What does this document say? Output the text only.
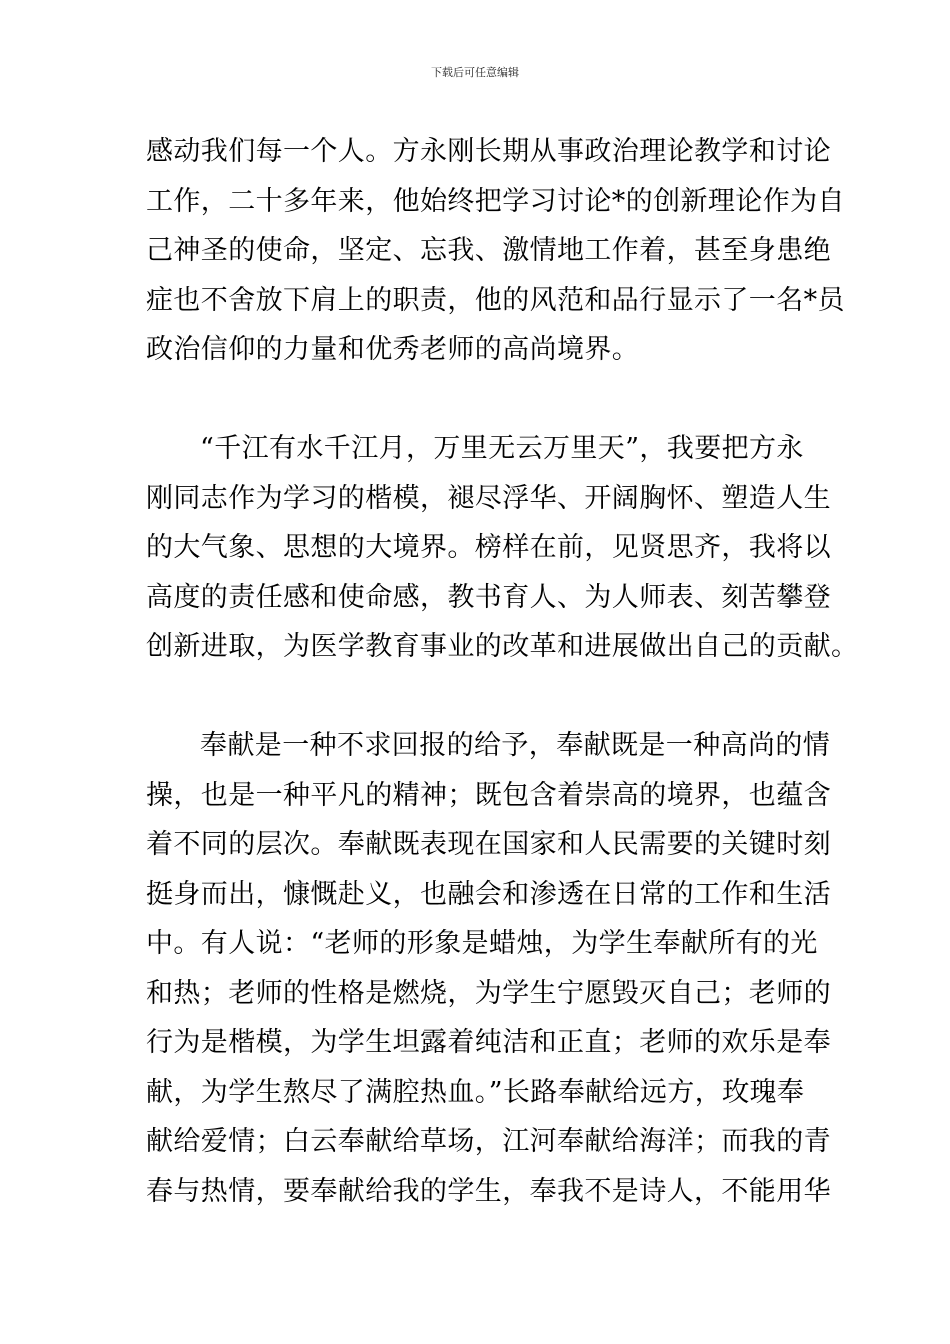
下载后可任意编辑

感动我们每一个人。方永刚长期从事政治理论教学和讨论
工作，二十多年来，他始终把学习讨论*的创新理论作为自
己神圣的使命，坚定、忘我、激情地工作着，甚至身患绝
症也不舍放下肩上的职责，他的风范和品行显示了一名*员
政治信仰的力量和优秀老师的高尚境界。

“千江有水千江月，万里无云万里天”，我要把方永
刚同志作为学习的楷模，褪尽浮华、开阔胸怀、塑造人生
的大气象、思想的大境界。榜样在前，见贤思齐，我将以
高度的责任感和使命感，教书育人、为人师表、刻苦攀登
创新进取，为医学教育事业的改革和进展做出自己的贡献。

奉献是一种不求回报的给予，奉献既是一种高尚的情
操，也是一种平凡的精神；既包含着崇高的境界，也蕴含
着不同的层次。奉献既表现在国家和人民需要的关键时刻
挺身而出，慷慨赴义，也融会和渗透在日常的工作和生活
中。有人说：“老师的形象是蜡烛，为学生奉献所有的光
和热；老师的性格是燃烧，为学生宁愿毁灭自己；老师的
行为是楷模，为学生坦露着纯洁和正直；老师的欢乐是奉
献，为学生熬尽了满腔热血。”长路奉献给远方，玫瑰奉
献给爱情；白云奉献给草场，江河奉献给海洋；而我的青
春与热情，要奉献给我的学生，奉我不是诗人，不能用华
